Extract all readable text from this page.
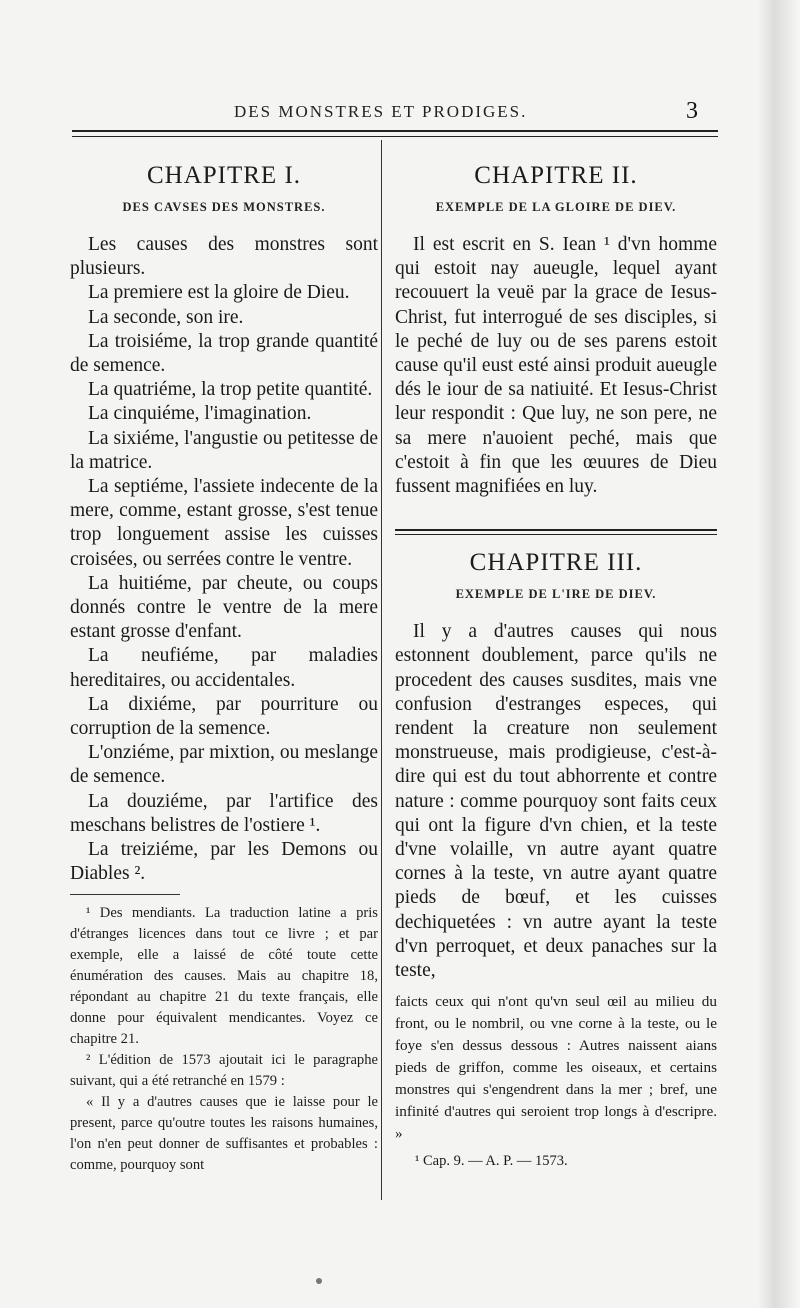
DES MONSTRES ET PRODIGES.	3
CHAPITRE I.
DES CAVSES DES MONSTRES.

Les causes des monstres sont plusieurs.

La premiere est la gloire de Dieu.

La seconde, son ire.

La troisiéme, la trop grande quantité de semence.

La quatriéme, la trop petite quantité.

La cinquiéme, l'imagination.

La sixiéme, l'angustie ou petitesse de la matrice.

La septiéme, l'assiete indecente de la mere, comme, estant grosse, s'est tenue trop longuement assise les cuisses croisées, ou serrées contre le ventre.

La huitiéme, par cheute, ou coups donnés contre le ventre de la mere estant grosse d'enfant.

La neufiéme, par maladies hereditaires, ou accidentales.

La dixiéme, par pourriture ou corruption de la semence.

L'onziéme, par mixtion, ou meslange de semence.

La douziéme, par l'artifice des meschans belistres de l'ostiere ¹.

La treiziéme, par les Demons ou Diables ².

¹ Des mendiants. La traduction latine a pris d'étranges licences dans tout ce livre ; et par exemple, elle a laissé de côté toute cette énumération des causes. Mais au chapitre 18, répondant au chapitre 21 du texte français, elle donne pour équivalent mendicantes. Voyez ce chapitre 21.

² L'édition de 1573 ajoutait ici le paragraphe suivant, qui a été retranché en 1579 :

« Il y a d'autres causes que ie laisse pour le present, parce qu'outre toutes les raisons humaines, l'on n'en peut donner de suffisantes et probables : comme, pourquoy sont

CHAPITRE II.
EXEMPLE DE LA GLOIRE DE DIEV.

Il est escrit en S. Iean ¹ d'vn homme qui estoit nay aueugle, lequel ayant recouuert la veuë par la grace de Iesus-Christ, fut interrogué de ses disciples, si le peché de luy ou de ses parens estoit cause qu'il eust esté ainsi produit aueugle dés le iour de sa natiuité. Et Iesus-Christ leur respondit : Que luy, ne son pere, ne sa mere n'auoient peché, mais que c'estoit à fin que les œuures de Dieu fussent magnifiées en luy.

CHAPITRE III.
EXEMPLE DE L'IRE DE DIEV.

Il y a d'autres causes qui nous estonnent doublement, parce qu'ils ne procedent des causes susdites, mais vne confusion d'estranges especes, qui rendent la creature non seulement monstrueuse, mais prodigieuse, c'est-à-dire qui est du tout abhorrente et contre nature : comme pourquoy sont faits ceux qui ont la figure d'vn chien, et la teste d'vne volaille, vn autre ayant quatre cornes à la teste, vn autre ayant quatre pieds de bœuf, et les cuisses dechiquetées : vn autre ayant la teste d'vn perroquet, et deux panaches sur la teste,

faicts ceux qui n'ont qu'vn seul œil au milieu du front, ou le nombril, ou vne corne à la teste, ou le foye s'en dessus dessous : Autres naissent aians pieds de griffon, comme les oiseaux, et certains monstres qui s'engendrent dans la mer ; bref, une infinité d'autres qui seroient trop longs à d'escripre. »

¹ Cap. 9. — A. P. — 1573.
